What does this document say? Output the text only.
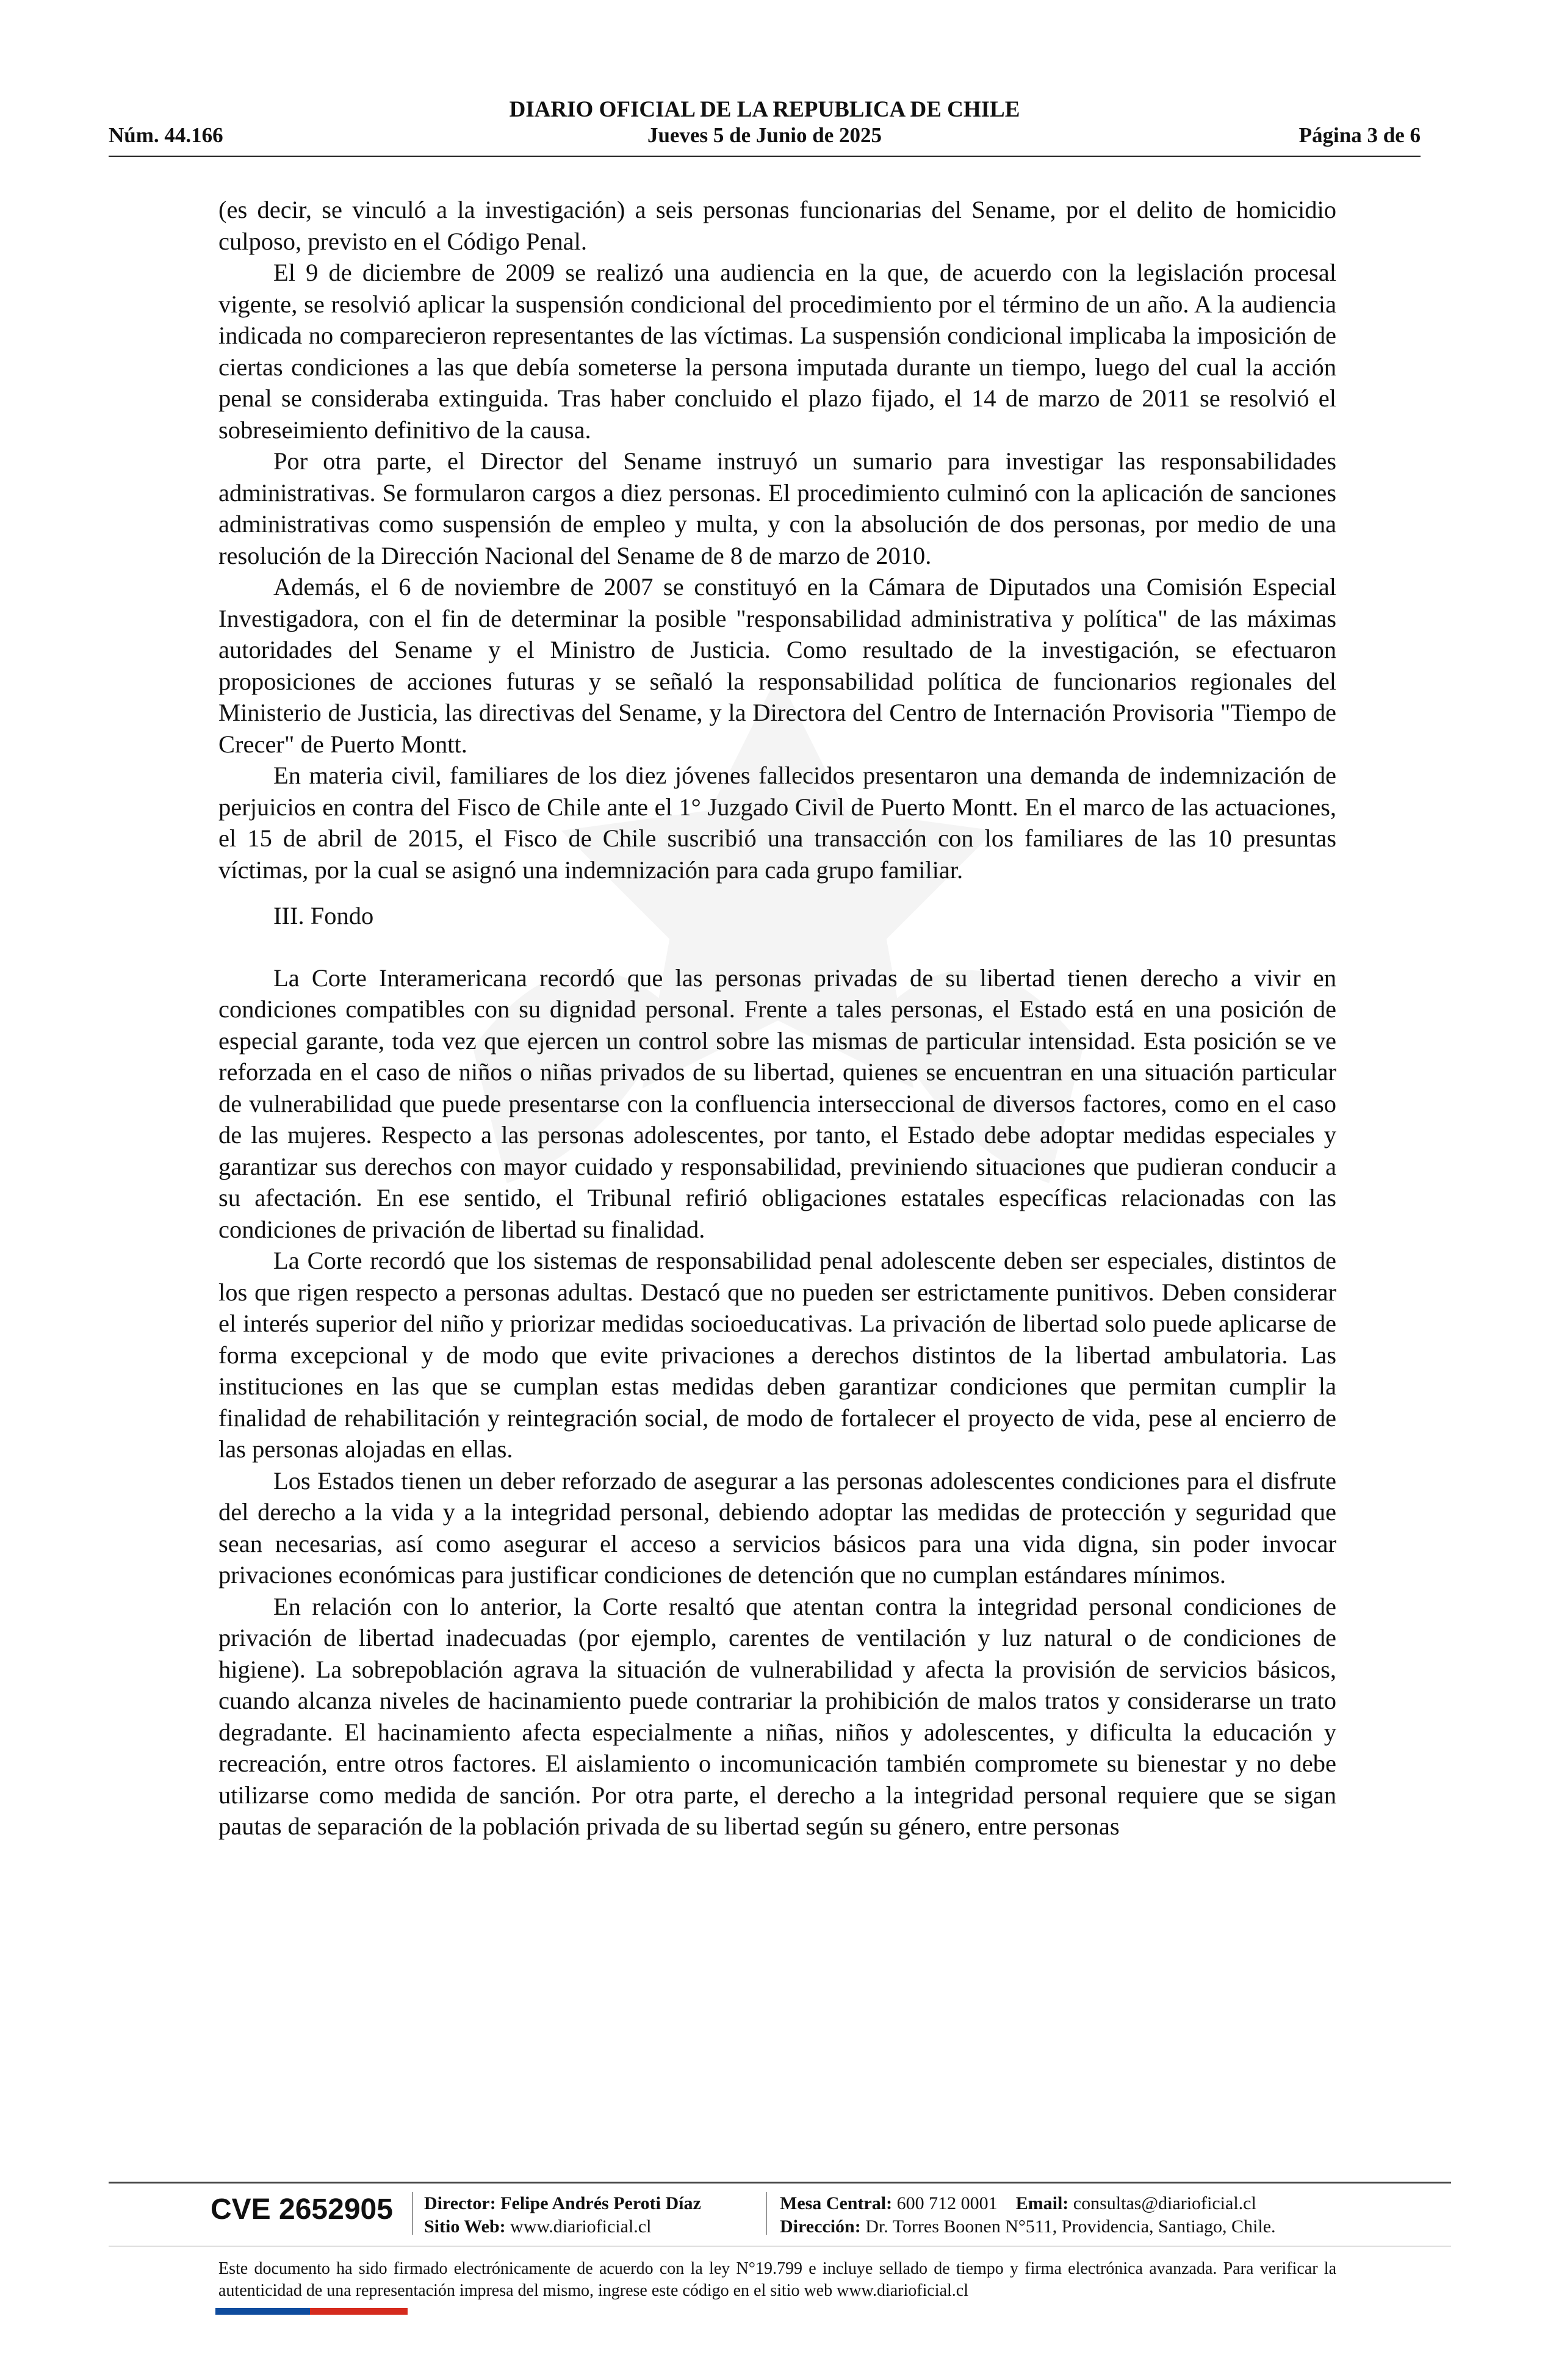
DIARIO OFICIAL DE LA REPUBLICA DE CHILE
Núm. 44.166	Jueves 5 de Junio de 2025	Página 3 de 6

(es decir, se vinculó a la investigación) a seis personas funcionarias del Sename, por el delito de homicidio culposo, previsto en el Código Penal.

El 9 de diciembre de 2009 se realizó una audiencia en la que, de acuerdo con la legislación procesal vigente, se resolvió aplicar la suspensión condicional del procedimiento por el término de un año. A la audiencia indicada no comparecieron representantes de las víctimas. La suspensión condicional implicaba la imposición de ciertas condiciones a las que debía someterse la persona imputada durante un tiempo, luego del cual la acción penal se consideraba extinguida. Tras haber concluido el plazo fijado, el 14 de marzo de 2011 se resolvió el sobreseimiento definitivo de la causa.

Por otra parte, el Director del Sename instruyó un sumario para investigar las responsabilidades administrativas. Se formularon cargos a diez personas. El procedimiento culminó con la aplicación de sanciones administrativas como suspensión de empleo y multa, y con la absolución de dos personas, por medio de una resolución de la Dirección Nacional del Sename de 8 de marzo de 2010.

Además, el 6 de noviembre de 2007 se constituyó en la Cámara de Diputados una Comisión Especial Investigadora, con el fin de determinar la posible "responsabilidad administrativa y política" de las máximas autoridades del Sename y el Ministro de Justicia. Como resultado de la investigación, se efectuaron proposiciones de acciones futuras y se señaló la responsabilidad política de funcionarios regionales del Ministerio de Justicia, las directivas del Sename, y la Directora del Centro de Internación Provisoria "Tiempo de Crecer" de Puerto Montt.

En materia civil, familiares de los diez jóvenes fallecidos presentaron una demanda de indemnización de perjuicios en contra del Fisco de Chile ante el 1° Juzgado Civil de Puerto Montt. En el marco de las actuaciones, el 15 de abril de 2015, el Fisco de Chile suscribió una transacción con los familiares de las 10 presuntas víctimas, por la cual se asignó una indemnización para cada grupo familiar.

III. Fondo

La Corte Interamericana recordó que las personas privadas de su libertad tienen derecho a vivir en condiciones compatibles con su dignidad personal. Frente a tales personas, el Estado está en una posición de especial garante, toda vez que ejercen un control sobre las mismas de particular intensidad. Esta posición se ve reforzada en el caso de niños o niñas privados de su libertad, quienes se encuentran en una situación particular de vulnerabilidad que puede presentarse con la confluencia interseccional de diversos factores, como en el caso de las mujeres. Respecto a las personas adolescentes, por tanto, el Estado debe adoptar medidas especiales y garantizar sus derechos con mayor cuidado y responsabilidad, previniendo situaciones que pudieran conducir a su afectación. En ese sentido, el Tribunal refirió obligaciones estatales específicas relacionadas con las condiciones de privación de libertad su finalidad.

La Corte recordó que los sistemas de responsabilidad penal adolescente deben ser especiales, distintos de los que rigen respecto a personas adultas. Destacó que no pueden ser estrictamente punitivos. Deben considerar el interés superior del niño y priorizar medidas socioeducativas. La privación de libertad solo puede aplicarse de forma excepcional y de modo que evite privaciones a derechos distintos de la libertad ambulatoria. Las instituciones en las que se cumplan estas medidas deben garantizar condiciones que permitan cumplir la finalidad de rehabilitación y reintegración social, de modo de fortalecer el proyecto de vida, pese al encierro de las personas alojadas en ellas.

Los Estados tienen un deber reforzado de asegurar a las personas adolescentes condiciones para el disfrute del derecho a la vida y a la integridad personal, debiendo adoptar las medidas de protección y seguridad que sean necesarias, así como asegurar el acceso a servicios básicos para una vida digna, sin poder invocar privaciones económicas para justificar condiciones de detención que no cumplan estándares mínimos.

En relación con lo anterior, la Corte resaltó que atentan contra la integridad personal condiciones de privación de libertad inadecuadas (por ejemplo, carentes de ventilación y luz natural o de condiciones de higiene). La sobrepoblación agrava la situación de vulnerabilidad y afecta la provisión de servicios básicos, cuando alcanza niveles de hacinamiento puede contrariar la prohibición de malos tratos y considerarse un trato degradante. El hacinamiento afecta especialmente a niñas, niños y adolescentes, y dificulta la educación y recreación, entre otros factores. El aislamiento o incomunicación también compromete su bienestar y no debe utilizarse como medida de sanción. Por otra parte, el derecho a la integridad personal requiere que se sigan pautas de separación de la población privada de su libertad según su género, entre personas

CVE 2652905 Director: Felipe Andrés Peroti Díaz
Sitio Web: www.diarioficial.cl
Mesa Central: 600 712 0001 Email: consultas@diarioficial.cl
Dirección: Dr. Torres Boonen N°511, Providencia, Santiago, Chile.
Este documento ha sido firmado electrónicamente de acuerdo con la ley N°19.799 e incluye sellado de tiempo y firma electrónica avanzada. Para verificar la autenticidad de una representación impresa del mismo, ingrese este código en el sitio web www.diarioficial.cl
